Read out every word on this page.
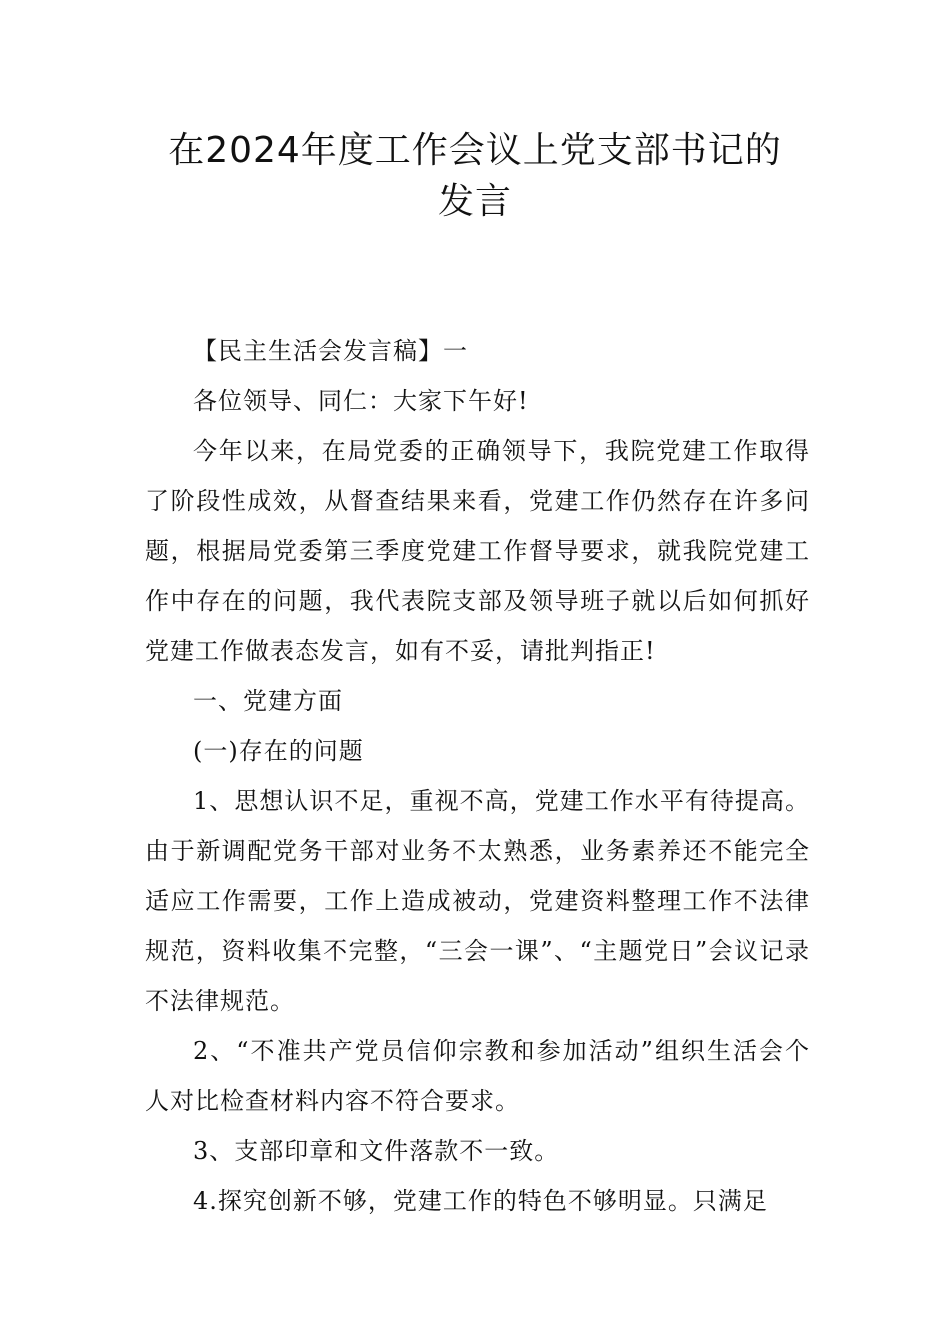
在2024年度工作会议上党支部书记的
发言

【民主生活会发言稿】一

各位领导、同仁：大家下午好!

今年以来，在局党委的正确领导下，我院党建工作取得了阶段性成效，从督查结果来看，党建工作仍然存在许多问题，根据局党委第三季度党建工作督导要求，就我院党建工作中存在的问题，我代表院支部及领导班子就以后如何抓好党建工作做表态发言，如有不妥，请批判指正!

一、党建方面

(一)存在的问题

1、思想认识不足，重视不高，党建工作水平有待提高。由于新调配党务干部对业务不太熟悉，业务素养还不能完全适应工作需要，工作上造成被动，党建资料整理工作不法律规范，资料收集不完整，“三会一课”、“主题党日”会议记录不法律规范。

2、“不准共产党员信仰宗教和参加活动”组织生活会个人对比检查材料内容不符合要求。

3、支部印章和文件落款不一致。

4.探究创新不够，党建工作的特色不够明显。只满足
